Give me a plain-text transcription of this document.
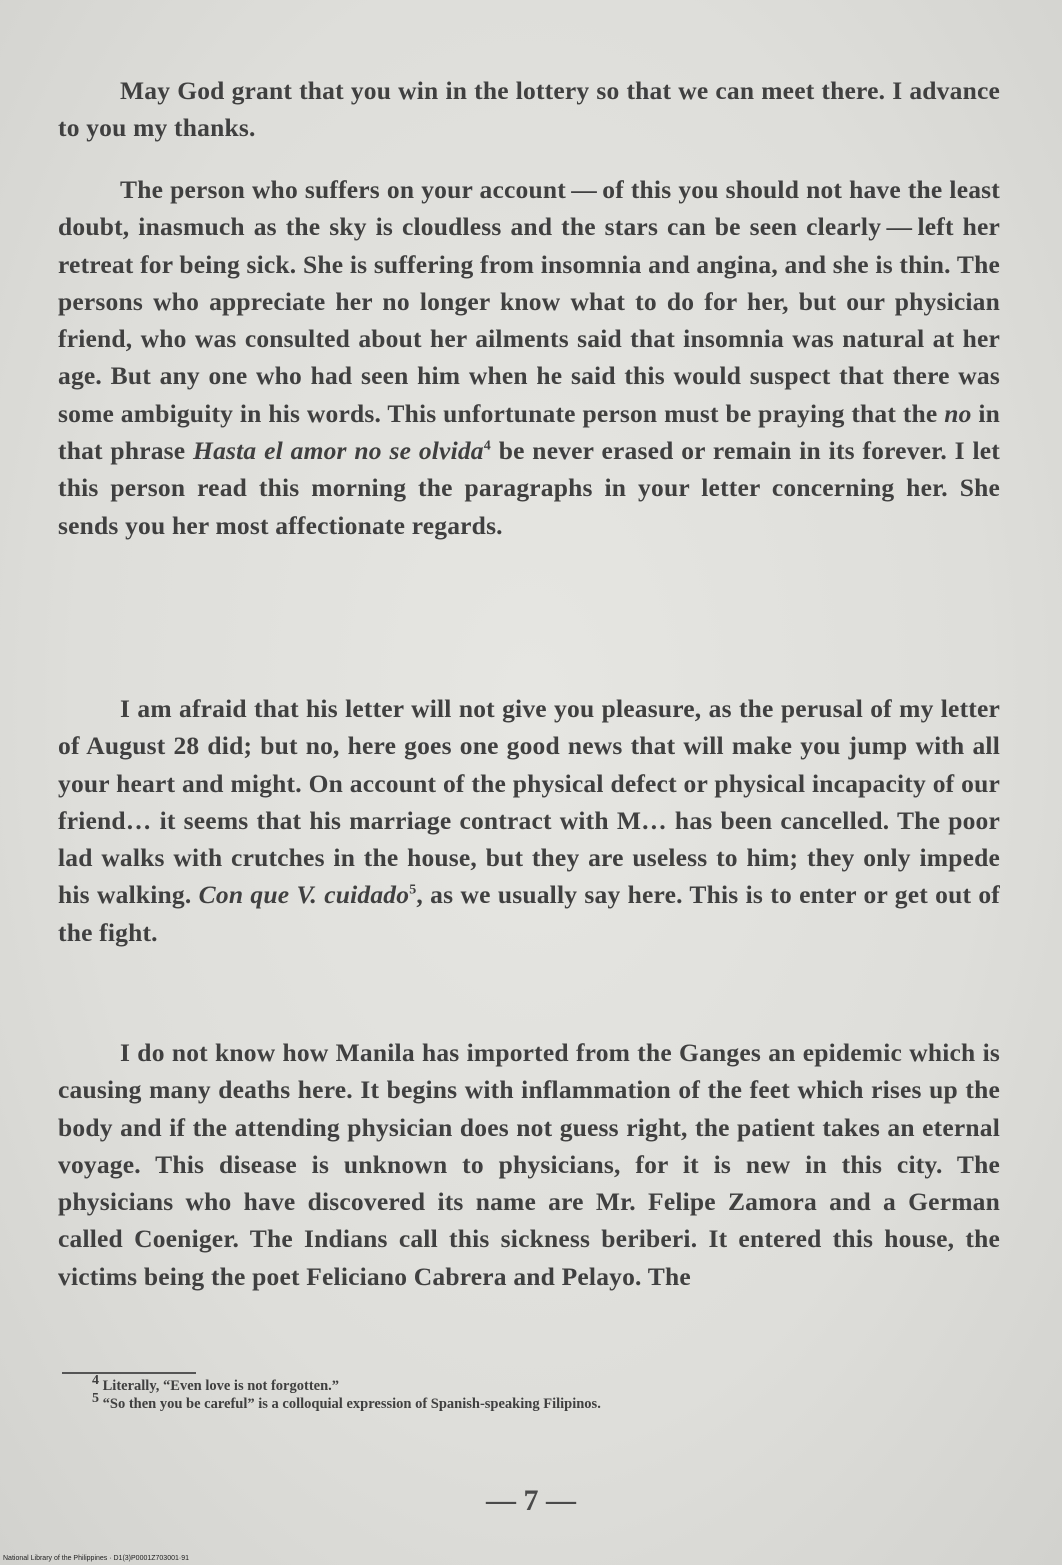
May God grant that you win in the lottery so that we can meet there. I advance to you my thanks.

The person who suffers on your account — of this you should not have the least doubt, inasmuch as the sky is cloudless and the stars can be seen clearly — left her retreat for being sick. She is suffering from insomnia and angina, and she is thin. The persons who appreciate her no longer know what to do for her, but our physician friend, who was consulted about her ailments said that insomnia was natural at her age. But any one who had seen him when he said this would suspect that there was some ambiguity in his words. This unfortunate person must be praying that the no in that phrase Hasta el amor no se olvida$^4$ be never erased or remain in its forever. I let this person read this morning the paragraphs in your letter concerning her. She sends you her most affectionate regards.

I am afraid that his letter will not give you pleasure, as the perusal of my letter of August 28 did; but no, here goes one good news that will make you jump with all your heart and might. On account of the physical defect or physical incapacity of our friend… it seems that his marriage contract with M… has been cancelled. The poor lad walks with crutches in the house, but they are useless to him; they only impede his walking. Con que V. cuidado$^5$, as we usually say here. This is to enter or get out of the fight.

I do not know how Manila has imported from the Ganges an epidemic which is causing many deaths here. It begins with inflammation of the feet which rises up the body and if the attending physician does not guess right, the patient takes an eternal voyage. This disease is unknown to physicians, for it is new in this city. The physicians who have discovered its name are Mr. Felipe Zamora and a German called Coeniger. The Indians call this sickness beriberi. It entered this house, the victims being the poet Feliciano Cabrera and Pelayo. The

$^4$ Literally, “Even love is not forgotten.”
$^5$ “So then you be careful” is a colloquial expression of Spanish-speaking Filipinos.
— 7 —
National Library of the Philippines · D1(3)P0001Z703001·91
